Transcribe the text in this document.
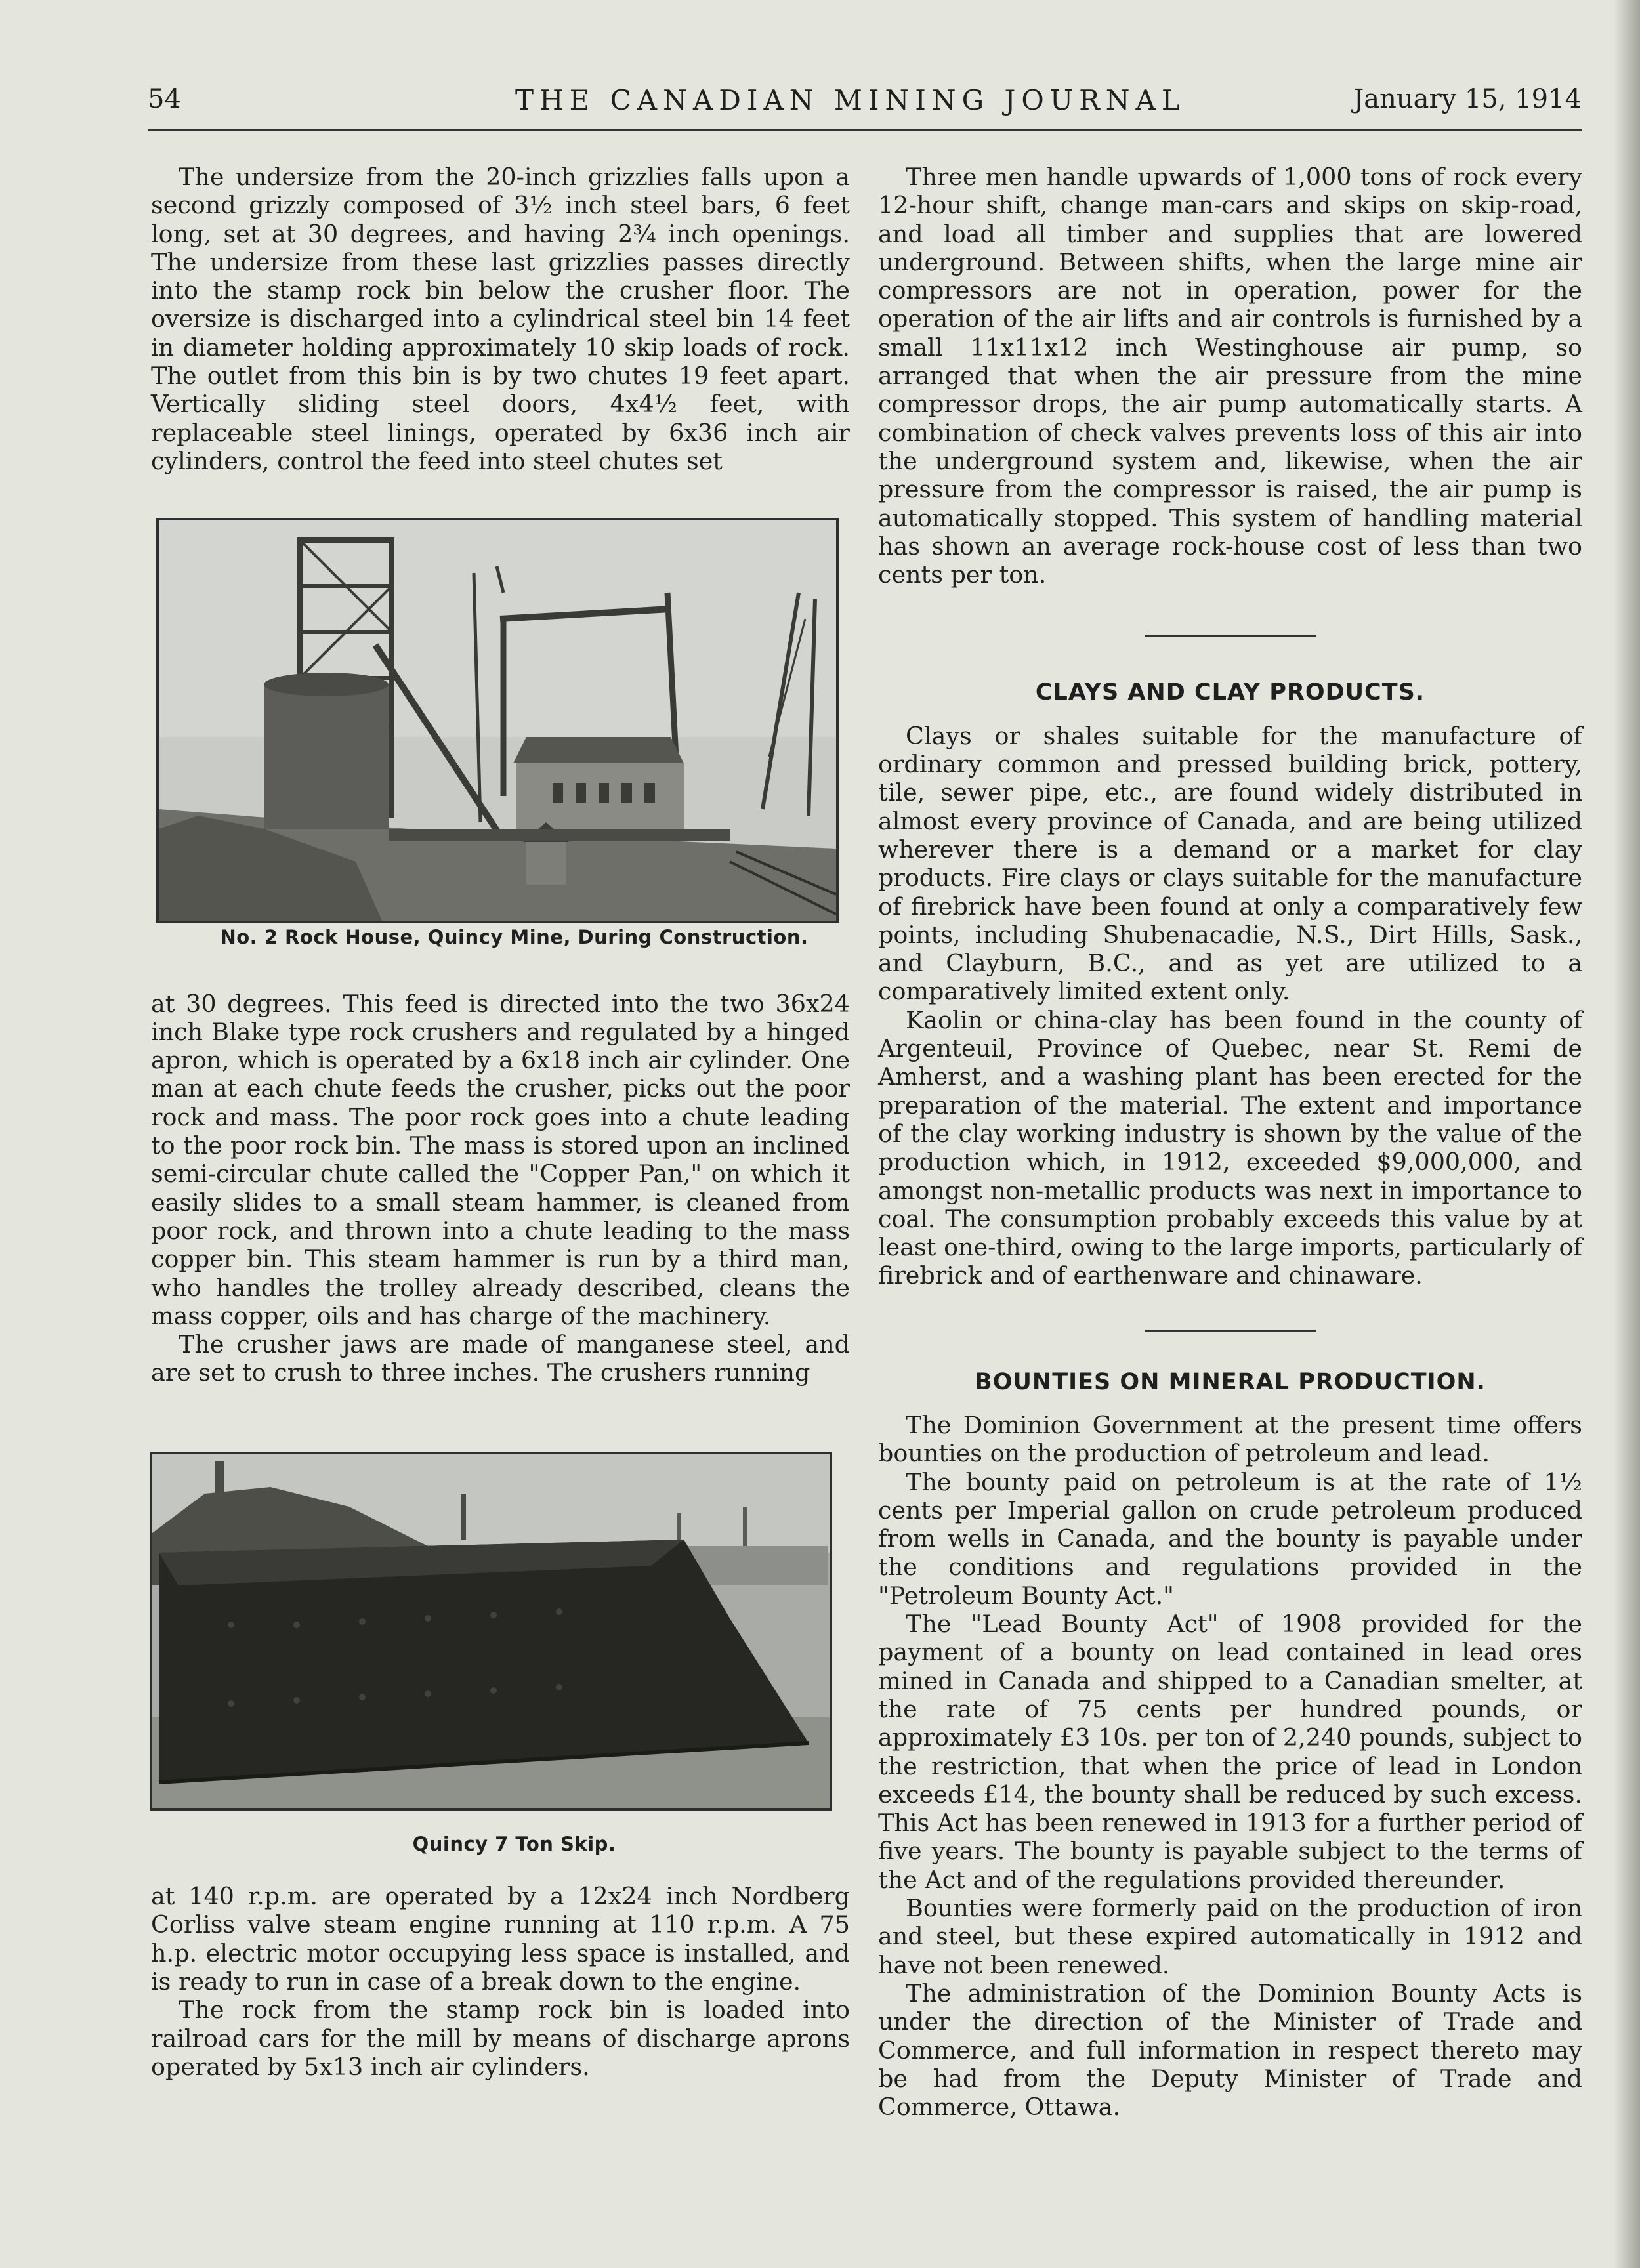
54	THE CANADIAN MINING JOURNAL	January 15, 1914

The undersize from the 20-inch grizzlies falls upon a second grizzly composed of 3½ inch steel bars, 6 feet long, set at 30 degrees, and having 2¾ inch openings. The undersize from these last grizzlies passes directly into the stamp rock bin below the crusher floor. The oversize is discharged into a cylindrical steel bin 14 feet in diameter holding approximately 10 skip loads of rock. The outlet from this bin is by two chutes 19 feet apart. Vertically sliding steel doors, 4x4½ feet, with replaceable steel linings, operated by 6x36 inch air cylinders, control the feed into steel chutes set

No. 2 Rock House, Quincy Mine, During Construction.

at 30 degrees. This feed is directed into the two 36x24 inch Blake type rock crushers and regulated by a hinged apron, which is operated by a 6x18 inch air cylinder. One man at each chute feeds the crusher, picks out the poor rock and mass. The poor rock goes into a chute leading to the poor rock bin. The mass is stored upon an inclined semi-circular chute called the "Copper Pan," on which it easily slides to a small steam hammer, is cleaned from poor rock, and thrown into a chute leading to the mass copper bin. This steam hammer is run by a third man, who handles the trolley already described, cleans the mass copper, oils and has charge of the machinery.

The crusher jaws are made of manganese steel, and are set to crush to three inches. The crushers running

Quincy 7 Ton Skip.

at 140 r.p.m. are operated by a 12x24 inch Nordberg Corliss valve steam engine running at 110 r.p.m. A 75 h.p. electric motor occupying less space is installed, and is ready to run in case of a break down to the engine.

The rock from the stamp rock bin is loaded into railroad cars for the mill by means of discharge aprons operated by 5x13 inch air cylinders.

Three men handle upwards of 1,000 tons of rock every 12-hour shift, change man-cars and skips on skip-road, and load all timber and supplies that are lowered underground. Between shifts, when the large mine air compressors are not in operation, power for the operation of the air lifts and air controls is furnished by a small 11x11x12 inch Westinghouse air pump, so arranged that when the air pressure from the mine compressor drops, the air pump automatically starts. A combination of check valves prevents loss of this air into the underground system and, likewise, when the air pressure from the compressor is raised, the air pump is automatically stopped. This system of handling material has shown an average rock-house cost of less than two cents per ton.

CLAYS AND CLAY PRODUCTS.

Clays or shales suitable for the manufacture of ordinary common and pressed building brick, pottery, tile, sewer pipe, etc., are found widely distributed in almost every province of Canada, and are being utilized wherever there is a demand or a market for clay products. Fire clays or clays suitable for the manufacture of firebrick have been found at only a comparatively few points, including Shubenacadie, N.S., Dirt Hills, Sask., and Clayburn, B.C., and as yet are utilized to a comparatively limited extent only.

Kaolin or china-clay has been found in the county of Argenteuil, Province of Quebec, near St. Remi de Amherst, and a washing plant has been erected for the preparation of the material. The extent and importance of the clay working industry is shown by the value of the production which, in 1912, exceeded $9,000,000, and amongst non-metallic products was next in importance to coal. The consumption probably exceeds this value by at least one-third, owing to the large imports, particularly of firebrick and of earthenware and chinaware.

BOUNTIES ON MINERAL PRODUCTION.

The Dominion Government at the present time offers bounties on the production of petroleum and lead.

The bounty paid on petroleum is at the rate of 1½ cents per Imperial gallon on crude petroleum produced from wells in Canada, and the bounty is payable under the conditions and regulations provided in the "Petroleum Bounty Act."

The "Lead Bounty Act" of 1908 provided for the payment of a bounty on lead contained in lead ores mined in Canada and shipped to a Canadian smelter, at the rate of 75 cents per hundred pounds, or approximately £3 10s. per ton of 2,240 pounds, subject to the restriction, that when the price of lead in London exceeds £14, the bounty shall be reduced by such excess. This Act has been renewed in 1913 for a further period of five years. The bounty is payable subject to the terms of the Act and of the regulations provided thereunder.

Bounties were formerly paid on the production of iron and steel, but these expired automatically in 1912 and have not been renewed.

The administration of the Dominion Bounty Acts is under the direction of the Minister of Trade and Commerce, and full information in respect thereto may be had from the Deputy Minister of Trade and Commerce, Ottawa.
